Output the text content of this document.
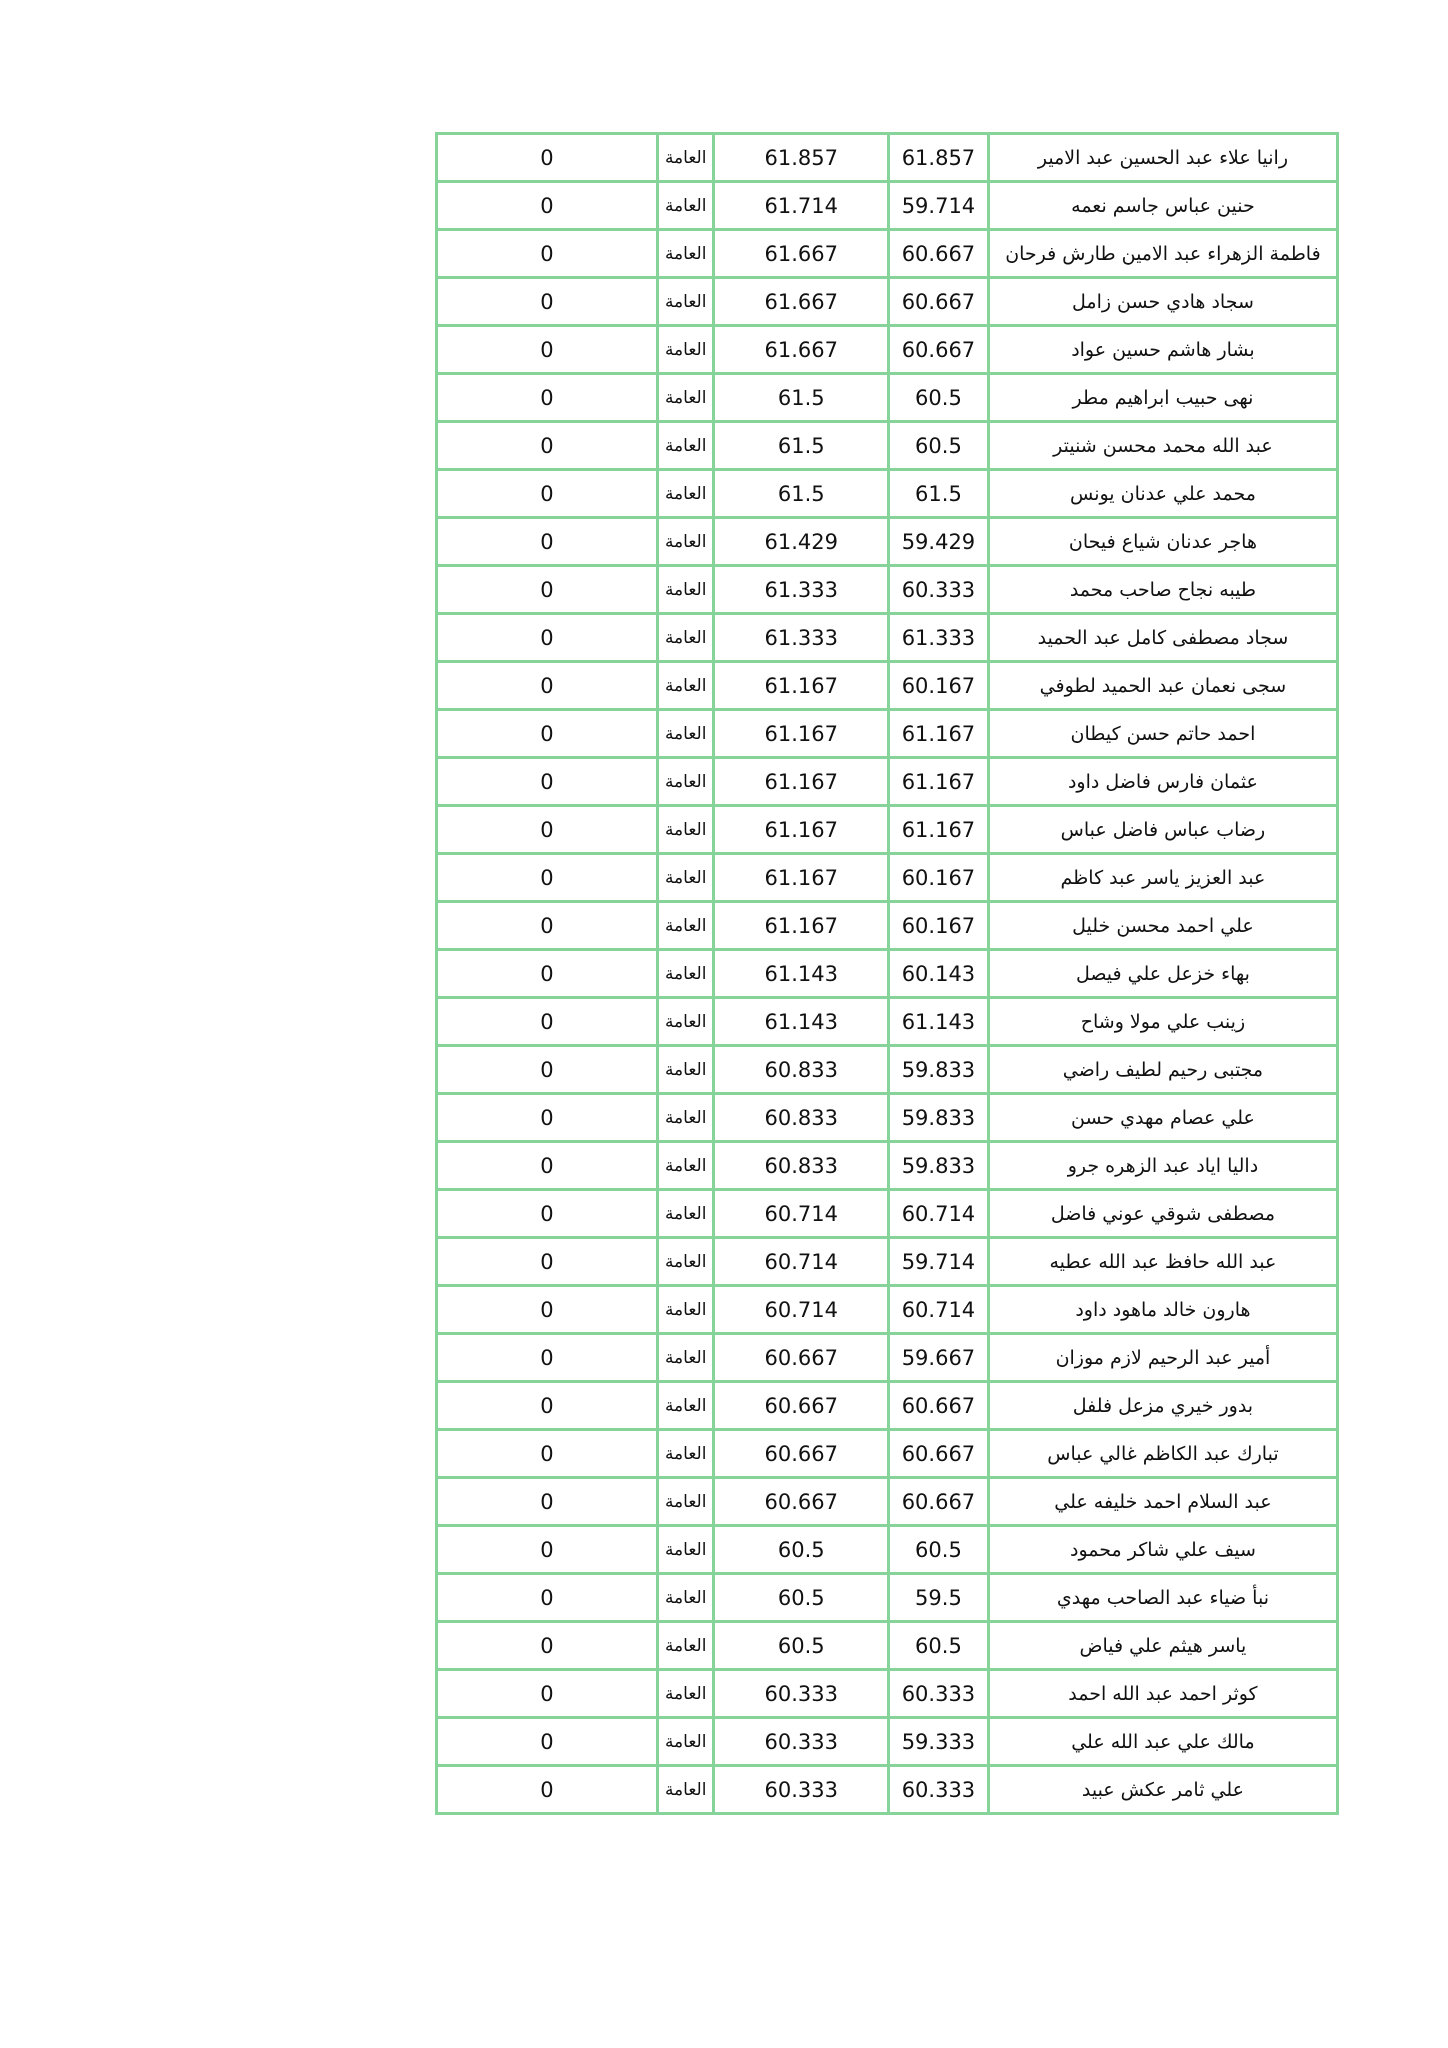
0	العامة	61.857	61.857	رانيا علاء عبد الحسين عبد الامير
0	العامة	61.714	59.714	حنين عباس جاسم نعمه
0	العامة	61.667	60.667	فاطمة الزهراء عبد الامين طارش فرحان
0	العامة	61.667	60.667	سجاد هادي حسن زامل
0	العامة	61.667	60.667	بشار هاشم حسين عواد
0	العامة	61.5	60.5	نهى حبيب ابراهيم مطر
0	العامة	61.5	60.5	عبد الله محمد محسن شنيتر
0	العامة	61.5	61.5	محمد علي عدنان يونس
0	العامة	61.429	59.429	هاجر عدنان شياع فيحان
0	العامة	61.333	60.333	طيبه نجاح صاحب محمد
0	العامة	61.333	61.333	سجاد مصطفى كامل عبد الحميد
0	العامة	61.167	60.167	سجى نعمان عبد الحميد لطوفي
0	العامة	61.167	61.167	احمد حاتم حسن كيطان
0	العامة	61.167	61.167	عثمان فارس فاضل داود
0	العامة	61.167	61.167	رضاب عباس فاضل عباس
0	العامة	61.167	60.167	عبد العزيز ياسر عبد كاظم
0	العامة	61.167	60.167	علي احمد محسن خليل
0	العامة	61.143	60.143	بهاء خزعل علي فيصل
0	العامة	61.143	61.143	زينب علي مولا وشاح
0	العامة	60.833	59.833	مجتبى رحيم لطيف راضي
0	العامة	60.833	59.833	علي عصام مهدي حسن
0	العامة	60.833	59.833	داليا اياد عبد الزهره جرو
0	العامة	60.714	60.714	مصطفى شوقي عوني فاضل
0	العامة	60.714	59.714	عبد الله حافظ عبد الله عطيه
0	العامة	60.714	60.714	هارون خالد ماهود داود
0	العامة	60.667	59.667	أمير عبد الرحيم لازم موزان
0	العامة	60.667	60.667	بدور خيري مزعل فلفل
0	العامة	60.667	60.667	تبارك عبد الكاظم غالي عباس
0	العامة	60.667	60.667	عبد السلام احمد خليفه علي
0	العامة	60.5	60.5	سيف علي شاكر محمود
0	العامة	60.5	59.5	نبأ ضياء عبد الصاحب مهدي
0	العامة	60.5	60.5	ياسر هيثم علي فياض
0	العامة	60.333	60.333	كوثر احمد عبد الله احمد
0	العامة	60.333	59.333	مالك علي عبد الله علي
0	العامة	60.333	60.333	علي ثامر عكش عبيد
